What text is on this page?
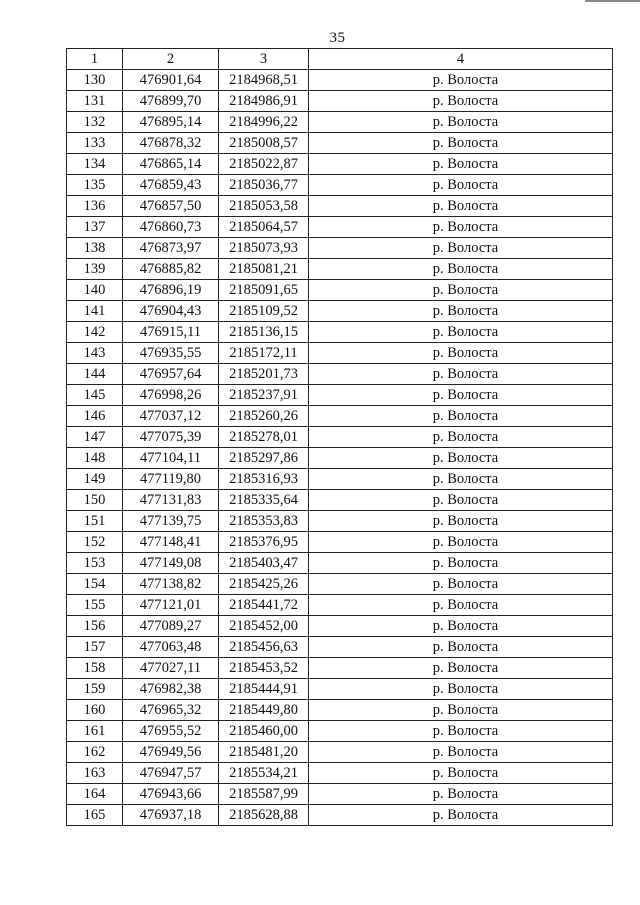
35
1	2	3	4
130	476901,64	2184968,51	р. Волоста
131	476899,70	2184986,91	р. Волоста
132	476895,14	2184996,22	р. Волоста
133	476878,32	2185008,57	р. Волоста
134	476865,14	2185022,87	р. Волоста
135	476859,43	2185036,77	р. Волоста
136	476857,50	2185053,58	р. Волоста
137	476860,73	2185064,57	р. Волоста
138	476873,97	2185073,93	р. Волоста
139	476885,82	2185081,21	р. Волоста
140	476896,19	2185091,65	р. Волоста
141	476904,43	2185109,52	р. Волоста
142	476915,11	2185136,15	р. Волоста
143	476935,55	2185172,11	р. Волоста
144	476957,64	2185201,73	р. Волоста
145	476998,26	2185237,91	р. Волоста
146	477037,12	2185260,26	р. Волоста
147	477075,39	2185278,01	р. Волоста
148	477104,11	2185297,86	р. Волоста
149	477119,80	2185316,93	р. Волоста
150	477131,83	2185335,64	р. Волоста
151	477139,75	2185353,83	р. Волоста
152	477148,41	2185376,95	р. Волоста
153	477149,08	2185403,47	р. Волоста
154	477138,82	2185425,26	р. Волоста
155	477121,01	2185441,72	р. Волоста
156	477089,27	2185452,00	р. Волоста
157	477063,48	2185456,63	р. Волоста
158	477027,11	2185453,52	р. Волоста
159	476982,38	2185444,91	р. Волоста
160	476965,32	2185449,80	р. Волоста
161	476955,52	2185460,00	р. Волоста
162	476949,56	2185481,20	р. Волоста
163	476947,57	2185534,21	р. Волоста
164	476943,66	2185587,99	р. Волоста
165	476937,18	2185628,88	р. Волоста
